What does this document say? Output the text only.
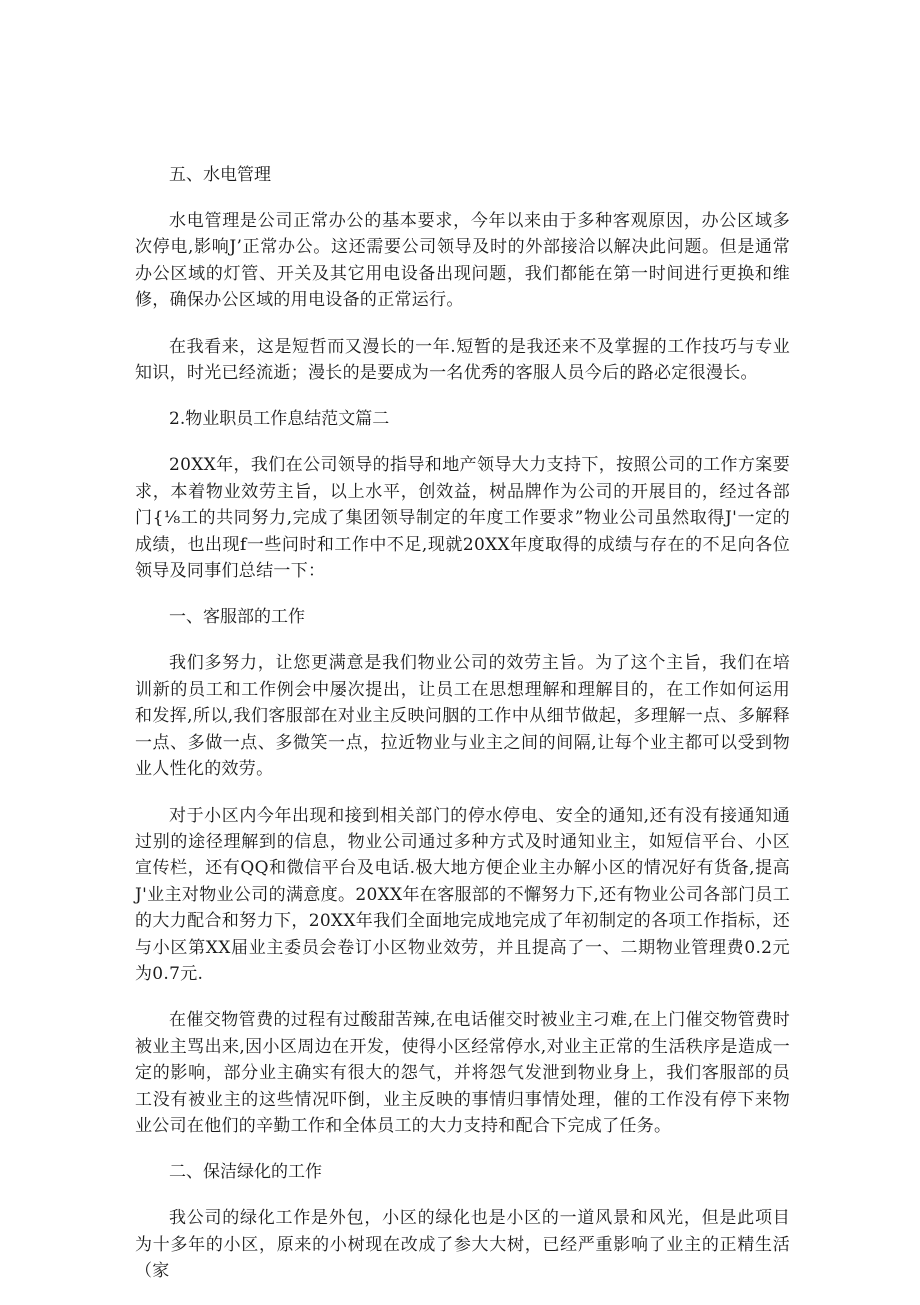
五、水电管理

水电管理是公司正常办公的基本要求，今年以来由于多种客观原因，办公区域多次停电,影响J’正常办公。这还需要公司领导及时的外部接洽以解决此问题。但是通常办公区域的灯管、开关及其它用电设备出现问题，我们都能在第一时间进行更换和维修，确保办公区域的用电设备的正常运行。

在我看来，这是短哲而又漫长的一年.短暂的是我还来不及掌握的工作技巧与专业知识，时光已经流逝；漫长的是要成为一名优秀的客服人员今后的路必定很漫长。

2.物业职员工作息结范文篇二

20XX年，我们在公司领导的指导和地产领导大力支持下，按照公司的工作方案要求，本着物业效劳主旨，以上水平，创效益，树品牌作为公司的开展目的，经过各部门{⅛工的共同努力,完成了集团领导制定的年度工作要求”物业公司虽然取得J'一定的成绩，也出现f一些问时和工作中不足,现就20XX年度取得的成绩与存在的不足向各位领导及同事们总结一下：

一、客服部的工作

我们多努力，让您更满意是我们物业公司的效劳主旨。为了这个主旨，我们在培训新的员工和工作例会中屡次提出，让员工在思想理解和理解目的，在工作如何运用和发挥,所以,我们客服部在对业主反映问胭的工作中从细节做起，多理解一点、多解释一点、多做一点、多微笑一点，拉近物业与业主之间的间隔,让每个业主都可以受到物业人性化的效劳。

对于小区内今年出现和接到相关部门的停水停电、安全的通知,还有没有接通知通过别的途径理解到的信息，物业公司通过多种方式及时通知业主，如短信平台、小区宣传栏，还有QQ和微信平台及电话.极大地方便企业主办解小区的情况好有货备,提高J'业主对物业公司的满意度。20XX年在客服部的不懈努力下,还有物业公司各部门员工的大力配合和努力下，20XX年我们全面地完成地完成了年初制定的各项工作指标，还与小区第XX届业主委员会卷订小区物业效劳，并且提高了一、二期物业管理费0.2元为0.7元.

在催交物管费的过程有过酸甜苦辣,在电话催交时被业主刁难,在上门催交物管费时被业主骂出来,因小区周边在开发，使得小区经常停水,对业主正常的生活秩序是造成一定的影响，部分业主确实有很大的怨气，并将怨气发泄到物业身上，我们客服部的员工没有被业主的这些情况吓倒，业主反映的事情归事情处理，催的工作没有停下来物业公司在他们的辛勤工作和全体员工的大力支持和配合下完成了任务。

二、保洁绿化的工作

我公司的绿化工作是外包，小区的绿化也是小区的一道风景和风光，但是此项目为十多年的小区，原来的小树现在改成了参大大树，已经严重影响了业主的正精生活（家
